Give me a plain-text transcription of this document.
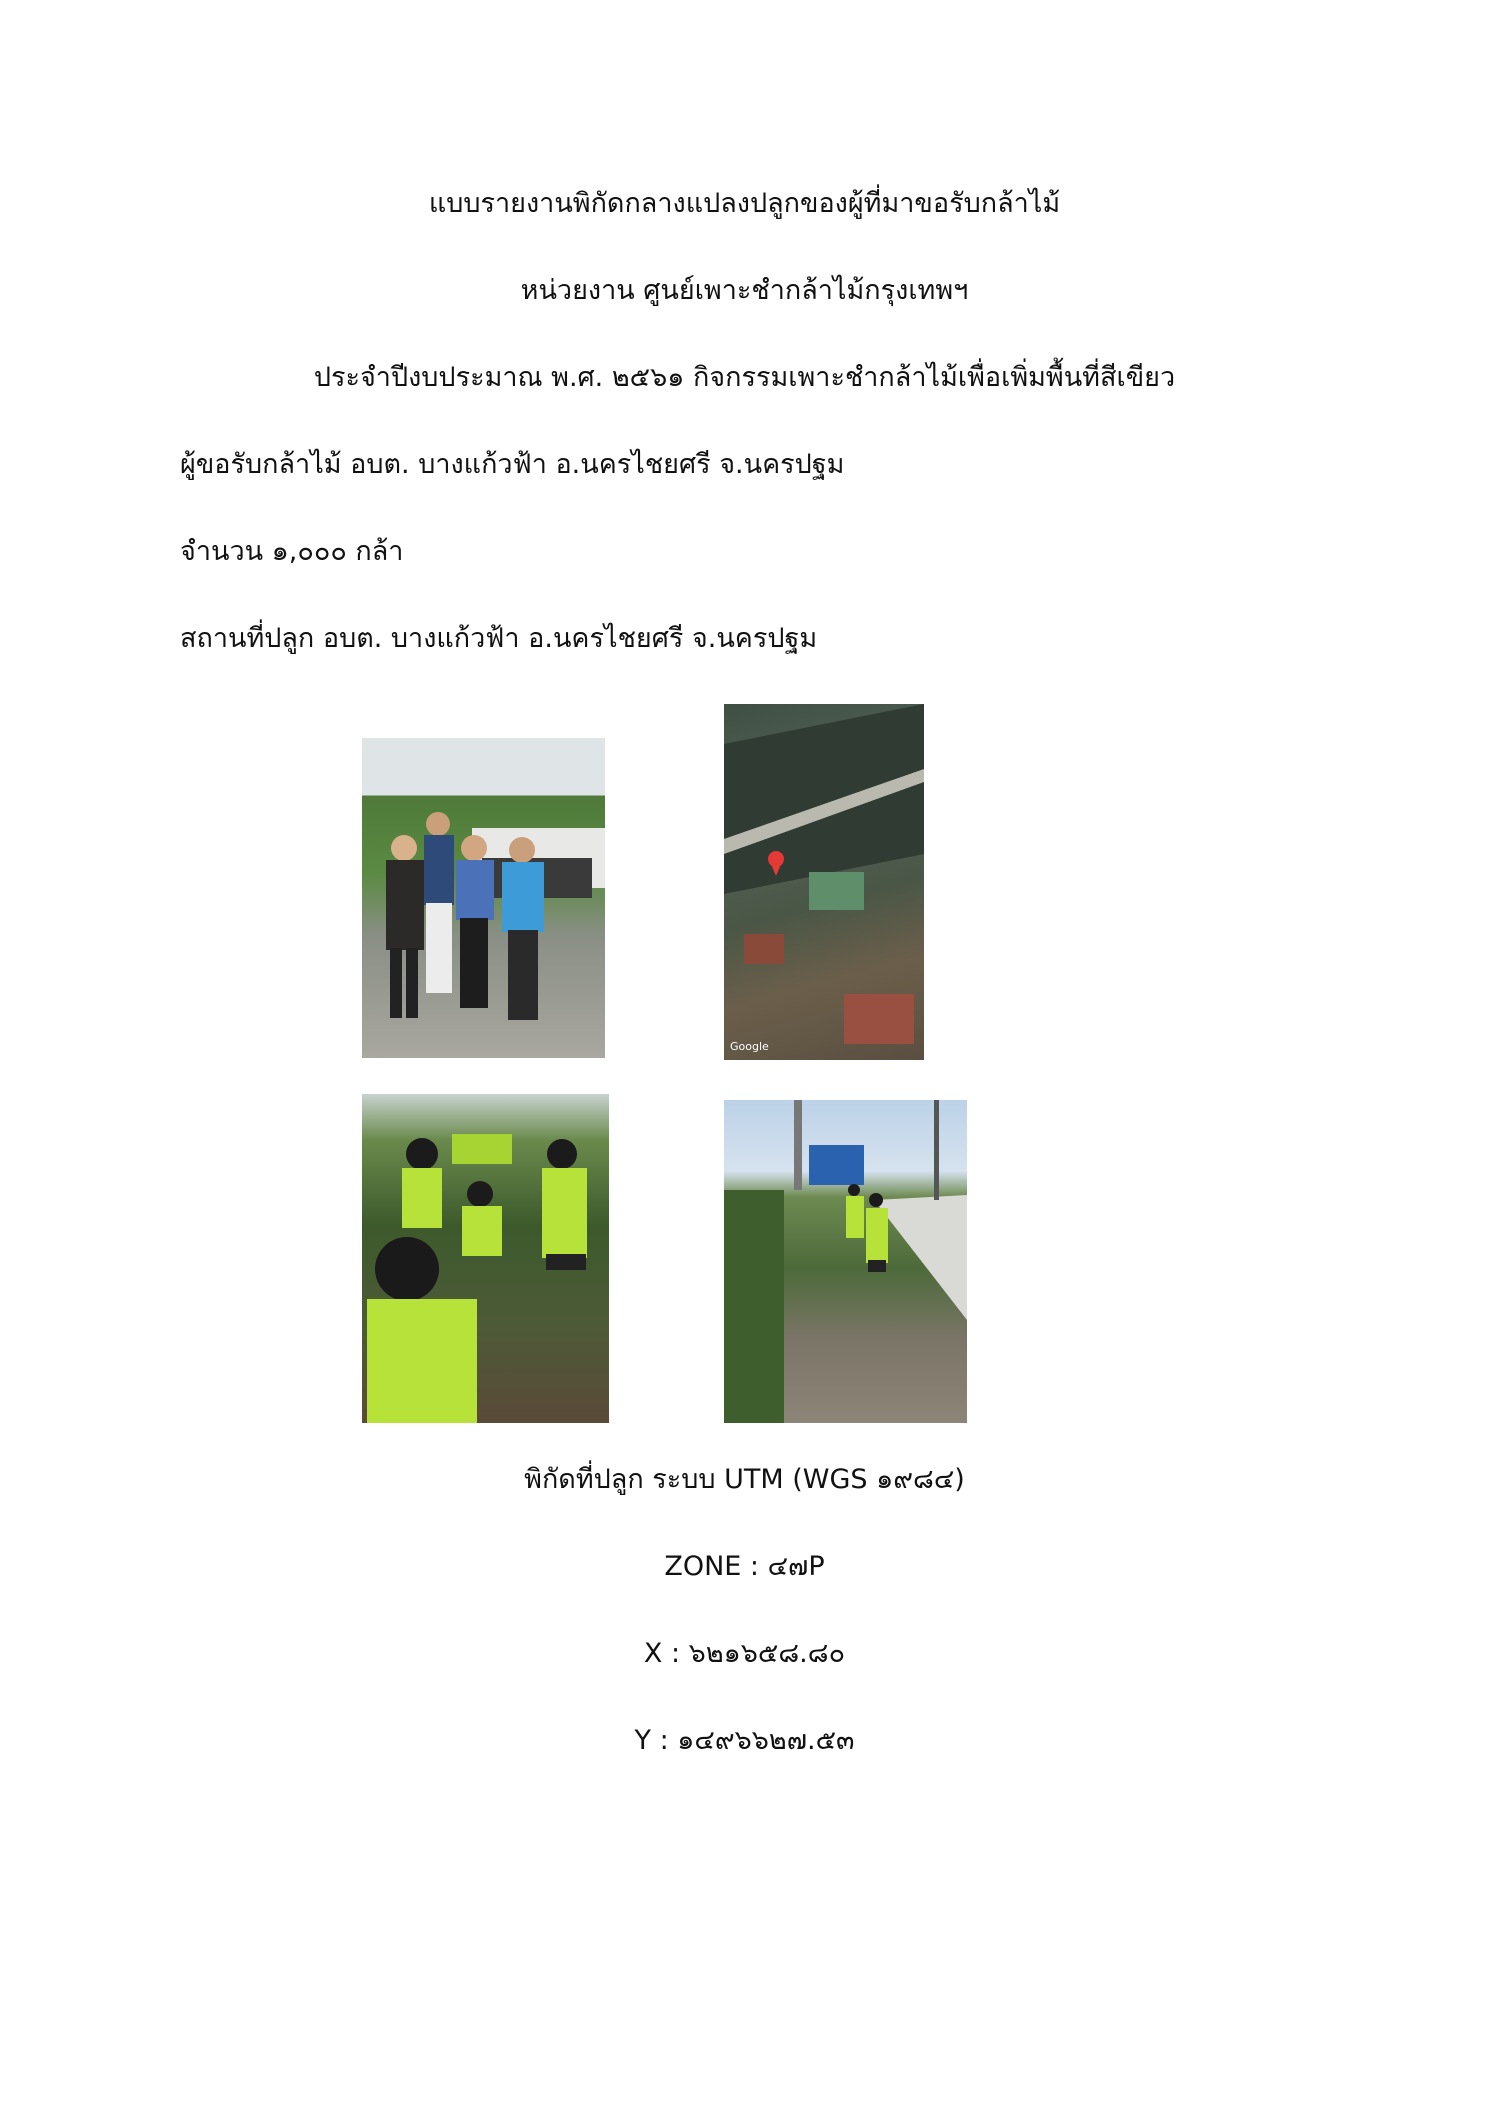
แบบรายงานพิกัดกลางแปลงปลูกของผู้ที่มาขอรับกล้าไม้
หน่วยงาน ศูนย์เพาะชำกล้าไม้กรุงเทพฯ
ประจำปีงบประมาณ พ.ศ. ๒๕๖๑ กิจกรรมเพาะชำกล้าไม้เพื่อเพิ่มพื้นที่สีเขียว
ผู้ขอรับกล้าไม้ อบต. บางแก้วฟ้า อ.นครไชยศรี จ.นครปฐม
จำนวน ๑,๐๐๐ กล้า
สถานที่ปลูก อบต. บางแก้วฟ้า อ.นครไชยศรี จ.นครปฐม
Google
พิกัดที่ปลูก ระบบ UTM (WGS ๑๙๘๔)
ZONE : ๔๗P
X : ๖๒๑๖๕๘.๘๐
Y : ๑๔๙๖๖๒๗.๕๓
